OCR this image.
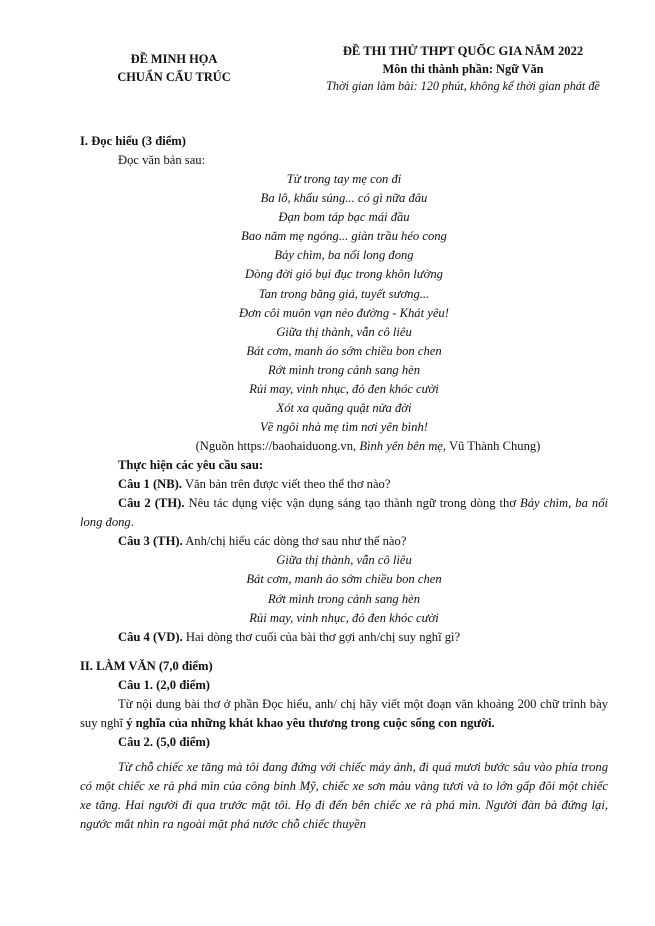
ĐỀ MINH HỌA
CHUẨN CẤU TRÚC
ĐỀ THI THỬ THPT QUỐC GIA NĂM 2022
Môn thi thành phần: Ngữ Văn
Thời gian làm bài: 120 phút, không kể thời gian phát đề
I. Đọc hiểu (3 điểm)
Đọc văn bản sau:
Từ trong tay mẹ con đi
Ba lô, khẩu súng... có gì nữa đâu
Đạn bom táp bạc mái đầu
Bao năm mẹ ngóng... giàn trầu héo cong
Bảy chìm, ba nổi long đong
Dòng đời gió bụi đục trong khôn lường
Tan trong băng giá, tuyết sương...
Đơn côi muôn vạn nẻo đường - Khát yêu!
Giữa thị thành, vẫn cô liêu
Bát cơm, manh áo sớm chiều bon chen
Rớt mình trong cảnh sang hèn
Rủi may, vinh nhục, đỏ đen khóc cười
Xót xa quăng quật nửa đời
Về ngôi nhà mẹ tìm nơi yên bình!
(Nguồn https://baohaiduong.vn, Bình yên bên mẹ, Vũ Thành Chung)
Thực hiện các yêu cầu sau:
Câu 1 (NB). Văn bản trên được viết theo thể thơ nào?
Câu 2 (TH). Nêu tác dụng việc vận dụng sáng tạo thành ngữ trong dòng thơ Bảy chìm, ba nổi long đong.
Câu 3 (TH). Anh/chị hiểu các dòng thơ sau như thế nào?
Giữa thị thành, vẫn cô liêu
Bát cơm, manh áo sớm chiều bon chen
Rớt mình trong cảnh sang hèn
Rủi may, vinh nhục, đỏ đen khóc cười
Câu 4 (VD). Hai dòng thơ cuối của bài thơ gợi anh/chị suy nghĩ gì?
II. LÀM VĂN (7,0 điểm)
Câu 1. (2,0 điểm)
Từ nội dung bài thơ ở phần Đọc hiểu, anh/ chị hãy viết một đoạn văn khoảng 200 chữ trình bày suy nghĩ ý nghĩa của những khát khao yêu thương trong cuộc sống con người.
Câu 2. (5,0 điểm)
Từ chỗ chiếc xe tăng mà tôi đang đứng với chiếc máy ảnh, đi quá mươi bước sâu vào phía trong có một chiếc xe rà phá mìn của công binh Mỹ, chiếc xe sơn màu vàng tươi và to lớn gấp đôi một chiếc xe tăng. Hai người đi qua trước mặt tôi. Họ đi đến bên chiếc xe rà phá mìn. Người đàn bà đứng lại, ngước mắt nhìn ra ngoài mặt phá nước chỗ chiếc thuyền
